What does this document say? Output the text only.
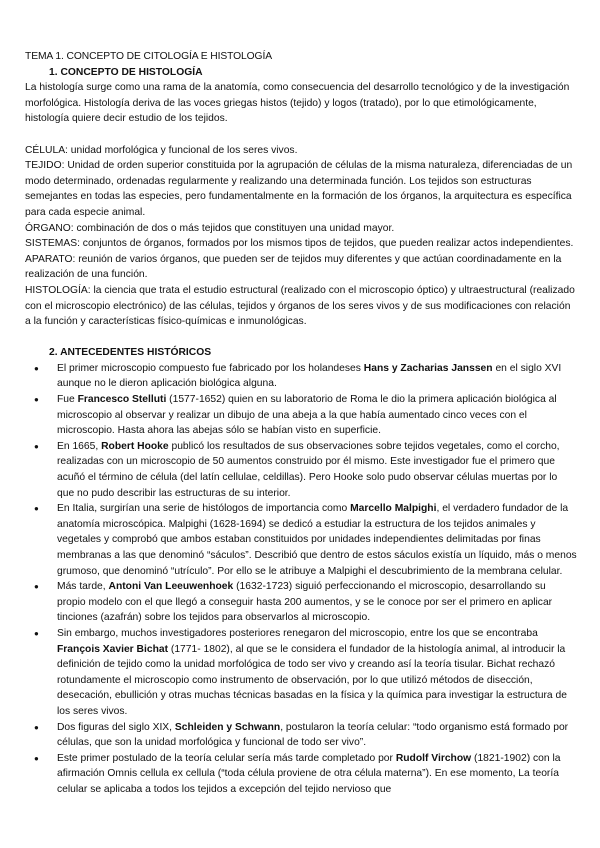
TEMA 1. CONCEPTO DE CITOLOGÍA E HISTOLOGÍA

1. CONCEPTO DE HISTOLOGÍA

La histología surge como una rama de la anatomía, como consecuencia del desarrollo tecnológico y de la investigación morfológica. Histología deriva de las voces griegas histos (tejido) y logos (tratado), por lo que etimológicamente, histología quiere decir estudio de los tejidos.

CÉLULA: unidad morfológica y funcional de los seres vivos.

TEJIDO: Unidad de orden superior constituida por la agrupación de células de la misma naturaleza, diferenciadas de un modo determinado, ordenadas regularmente y realizando una determinada función. Los tejidos son estructuras semejantes en todas las especies, pero fundamentalmente en la formación de los órganos, la arquitectura es específica para cada especie animal.

ÓRGANO: combinación de dos o más tejidos que constituyen una unidad mayor.

SISTEMAS: conjuntos de órganos, formados por los mismos tipos de tejidos, que pueden realizar actos independientes.

APARATO: reunión de varios órganos, que pueden ser de tejidos muy diferentes y que actúan coordinadamente en la realización de una función.

HISTOLOGÍA: la ciencia que trata el estudio estructural (realizado con el microscopio óptico) y ultraestructural (realizado con el microscopio electrónico) de las células, tejidos y órganos de los seres vivos y de sus modificaciones con relación a la función y características físico-químicas e inmunológicas.

2. ANTECEDENTES HISTÓRICOS

● El primer microscopio compuesto fue fabricado por los holandeses Hans y Zacharias Janssen en el siglo XVI aunque no le dieron aplicación biológica alguna.
● Fue Francesco Stelluti (1577-1652) quien en su laboratorio de Roma le dio la primera aplicación biológica al microscopio al observar y realizar un dibujo de una abeja a la que había aumentado cinco veces con el microscopio. Hasta ahora las abejas sólo se habían visto en superficie.
● En 1665, Robert Hooke publicó los resultados de sus observaciones sobre tejidos vegetales, como el corcho, realizadas con un microscopio de 50 aumentos construido por él mismo. Este investigador fue el primero que acuñó el término de célula (del latín cellulae, celdillas). Pero Hooke solo pudo observar células muertas por lo que no pudo describir las estructuras de su interior.
● En Italia, surgirían una serie de histólogos de importancia como Marcello Malpighi, el verdadero fundador de la anatomía microscópica. Malpighi (1628-1694) se dedicó a estudiar la estructura de los tejidos animales y vegetales y comprobó que ambos estaban constituidos por unidades independientes delimitadas por finas membranas a las que denominó “sáculos”. Describió que dentro de estos sáculos existía un líquido, más o menos grumoso, que denominó “utrículo”. Por ello se le atribuye a Malpighi el descubrimiento de la membrana celular.
● Más tarde, Antoni Van Leeuwenhoek (1632-1723) siguió perfeccionando el microscopio, desarrollando su propio modelo con el que llegó a conseguir hasta 200 aumentos, y se le conoce por ser el primero en aplicar tinciones (azafrán) sobre los tejidos para observarlos al microscopio.
● Sin embargo, muchos investigadores posteriores renegaron del microscopio, entre los que se encontraba François Xavier Bichat (1771- 1802), al que se le considera el fundador de la histología animal, al introducir la definición de tejido como la unidad morfológica de todo ser vivo y creando así la teoría tisular. Bichat rechazó rotundamente el microscopio como instrumento de observación, por lo que utilizó métodos de disección, desecación, ebullición y otras muchas técnicas basadas en la física y la química para investigar la estructura de los seres vivos.
● Dos figuras del siglo XIX, Schleiden y Schwann, postularon la teoría celular: “todo organismo está formado por células, que son la unidad morfológica y funcional de todo ser vivo”.
● Este primer postulado de la teoría celular sería más tarde completado por Rudolf Virchow (1821-1902) con la afirmación Omnis cellula ex cellula (“toda célula proviene de otra célula materna”). En ese momento, La teoría celular se aplicaba a todos los tejidos a excepción del tejido nervioso que
